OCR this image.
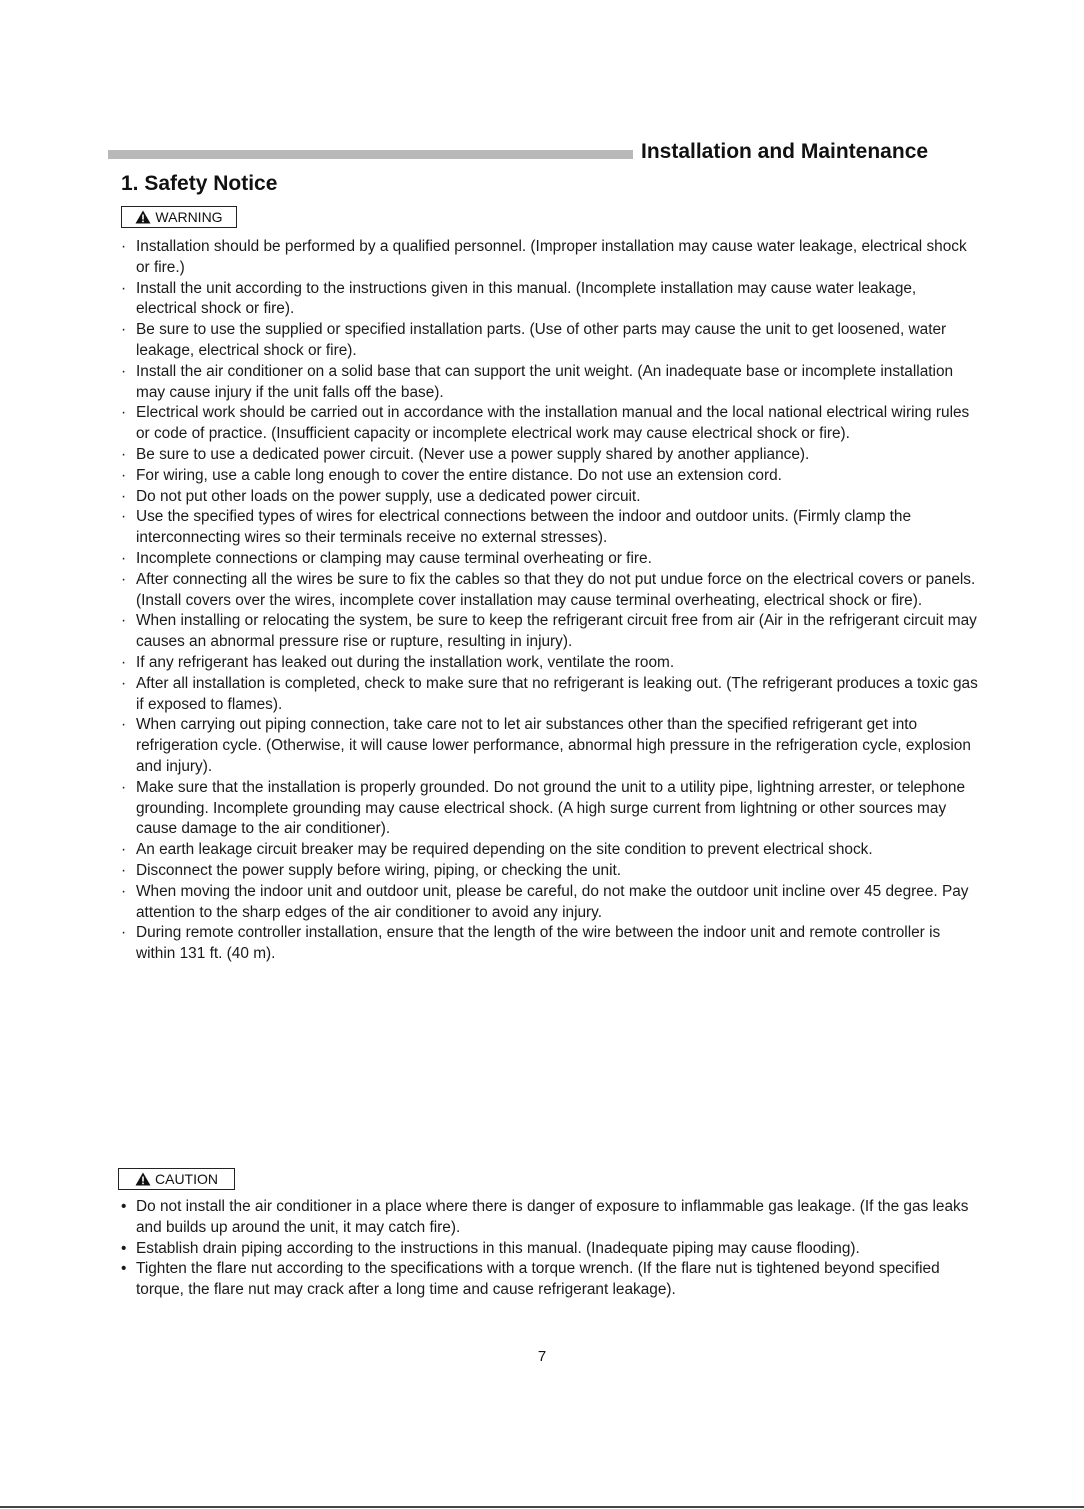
Installation and Maintenance
1. Safety Notice
WARNING
· Installation should be performed by a qualified personnel. (Improper installation may cause water leakage, electrical shock or fire.)
· Install the unit according to the instructions given in this manual. (Incomplete installation may cause water leakage, electrical shock or fire).
· Be sure to use the supplied or specified installation parts. (Use of other parts may cause the unit to get loosened, water leakage, electrical shock or fire).
· Install the air conditioner on a solid base that can support the unit weight. (An inadequate base or incomplete installation may cause injury if the unit falls off the base).
· Electrical work should be carried out in accordance with the installation manual and the local national electrical wiring rules or code of practice. (Insufficient capacity or incomplete electrical work may cause electrical shock or fire).
· Be sure to use a dedicated power circuit. (Never use a power supply shared by another appliance).
· For wiring, use a cable long enough to cover the entire distance. Do not use an extension cord.
· Do not put other loads on the power supply, use a dedicated power circuit.
· Use the specified types of wires for electrical connections between the indoor and outdoor units. (Firmly clamp the interconnecting wires so their terminals receive no external stresses).
· Incomplete connections or clamping may cause terminal overheating or fire.
· After connecting all the wires be sure to fix the cables so that they do not put undue force on the electrical covers or panels. (Install covers over the wires, incomplete cover installation may cause terminal overheating, electrical shock or fire).
· When installing or relocating the system, be sure to keep the refrigerant circuit free from air (Air in the refrigerant circuit may causes an abnormal pressure rise or rupture, resulting in injury).
· If any refrigerant has leaked out during the installation work, ventilate the room.
· After all installation is completed, check to make sure that no refrigerant is leaking out. (The refrigerant produces a toxic gas if exposed to flames).
· When carrying out piping connection, take care not to let air substances other than the specified refrigerant get into refrigeration cycle. (Otherwise, it will cause lower performance, abnormal high pressure in the refrigeration cycle, explosion and injury).
· Make sure that the installation is properly grounded. Do not ground the unit to a utility pipe, lightning arrester, or telephone grounding. Incomplete grounding may cause electrical shock. (A high surge current from lightning or other sources may cause damage to the air conditioner).
· An earth leakage circuit breaker may be required depending on the site condition to prevent electrical shock.
· Disconnect the power supply before wiring, piping, or checking the unit.
· When moving the indoor unit and outdoor unit, please be careful, do not make the outdoor unit incline over 45 degree. Pay attention to the sharp edges of the air conditioner to avoid any injury.
· During remote controller installation, ensure that the length of the wire between the indoor unit and remote controller is within 131 ft. (40 m).
CAUTION
• Do not install the air conditioner in a place where there is danger of exposure to inflammable gas leakage. (If the gas leaks and builds up around the unit, it may catch fire).
• Establish drain piping according to the instructions in this manual. (Inadequate piping may cause flooding).
• Tighten the flare nut according to the specifications with a torque wrench. (If the flare nut is tightened beyond specified torque, the flare nut may crack after a long time and cause refrigerant leakage).
7
